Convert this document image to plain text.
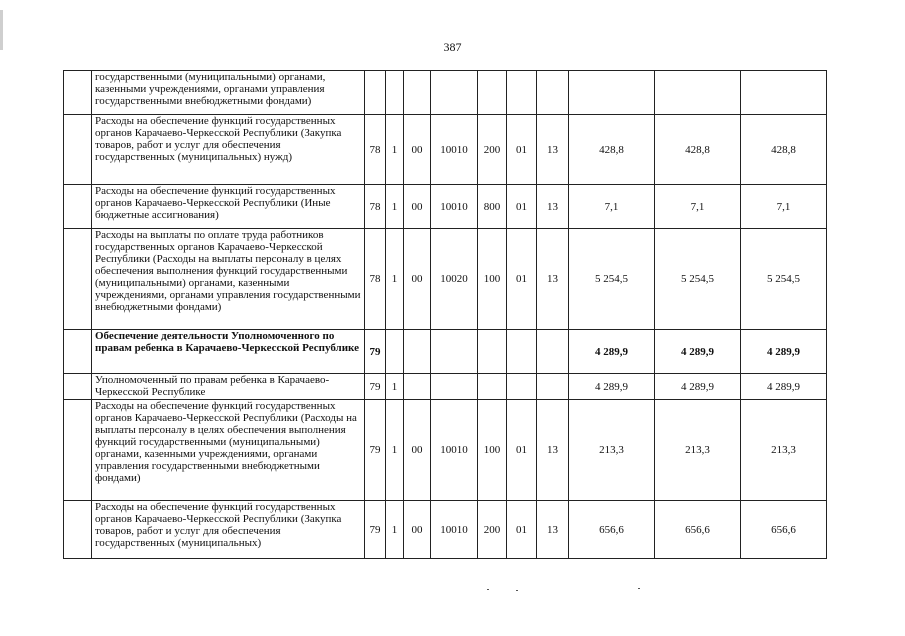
387
	государственными (муниципальными) органами, казенными учреждениями, органами управления государственными внебюджетными фондами)										
	Расходы на обеспечение функций государственных органов Карачаево-Черкесской Республики (Закупка товаров, работ и услуг для обеспечения государственных (муниципальных) нужд)	78	1	00	10010	200	01	13	428,8	428,8	428,8
	Расходы на обеспечение функций государственных органов Карачаево-Черкесской Республики (Иные бюджетные ассигнования)	78	1	00	10010	800	01	13	7,1	7,1	7,1
	Расходы на выплаты по оплате труда работников государственных органов Карачаево-Черкесской Республики (Расходы на выплаты персоналу в целях обеспечения выполнения функций государственными (муниципальными) органами, казенными учреждениями, органами управления государственными внебюджетными фондами)	78	1	00	10020	100	01	13	5 254,5	5 254,5	5 254,5
	Обеспечение деятельности Уполномоченного по правам ребенка в Карачаево-Черкесской Республике	79							4 289,9	4 289,9	4 289,9
	Уполномоченный по правам ребенка в Карачаево-Черкесской Республике	79	1						4 289,9	4 289,9	4 289,9
	Расходы на обеспечение функций государственных органов Карачаево-Черкесской Республики (Расходы на выплаты персоналу в целях обеспечения выполнения функций государственными (муниципальными) органами, казенными учреждениями, органами управления государственными внебюджетными фондами)	79	1	00	10010	100	01	13	213,3	213,3	213,3
	Расходы на обеспечение функций государственных органов Карачаево-Черкесской Республики (Закупка товаров, работ и услуг для обеспечения государственных (муниципальных)	79	1	00	10010	200	01	13	656,6	656,6	656,6
